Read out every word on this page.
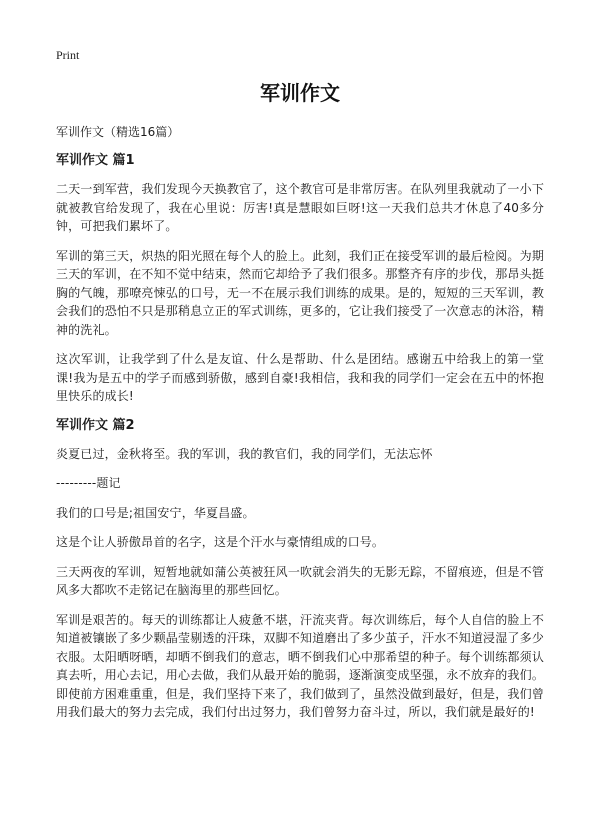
Print
军训作文
军训作文（精选16篇）
军训作文 篇1

二天一到军营，我们发现今天换教官了，这个教官可是非常厉害。在队列里我就动了一小下就被教官给发现了，我在心里说：厉害!真是慧眼如巨呀!这一天我们总共才休息了40多分钟，可把我们累坏了。

军训的第三天，炽热的阳光照在每个人的脸上。此刻，我们正在接受军训的最后检阅。为期三天的军训，在不知不觉中结束，然而它却给予了我们很多。那整齐有序的步伐，那昂头挺胸的气魄，那嘹亮悚弘的口号，无一不在展示我们训练的成果。是的，短短的三天军训，教会我们的恐怕不只是那稍息立正的军式训练，更多的，它让我们接受了一次意志的沐浴，精神的洗礼。

这次军训，让我学到了什么是友谊、什么是帮助、什么是团结。感谢五中给我上的第一堂课!我为是五中的学子而感到骄傲，感到自豪!我相信，我和我的同学们一定会在五中的怀抱里快乐的成长!

军训作文 篇2

炎夏已过，金秋将至。我的军训，我的教官们，我的同学们，无法忘怀

---------题记

我们的口号是;祖国安宁，华夏昌盛。

这是个让人骄傲昂首的名字，这是个汗水与豪情组成的口号。

三天两夜的军训，短暂地就如蒲公英被狂风一吹就会消失的无影无踪，不留痕迹，但是不管风多大都吹不走铭记在脑海里的那些回忆。

军训是艰苦的。每天的训练都让人疲惫不堪，汗流夹背。每次训练后，每个人自信的脸上不知道被镶嵌了多少颗晶莹剔透的汗珠，双脚不知道磨出了多少茧子，汗水不知道浸湿了多少衣服。太阳晒呀晒，却晒不倒我们的意志，晒不倒我们心中那希望的种子。每个训练都须认真去听，用心去记，用心去做，我们从最开始的脆弱，逐渐演变成坚强，永不放弃的我们。即使前方困难重重，但是，我们坚持下来了，我们做到了，虽然没做到最好，但是，我们曾用我们最大的努力去完成，我们付出过努力，我们曾努力奋斗过，所以，我们就是最好的!
